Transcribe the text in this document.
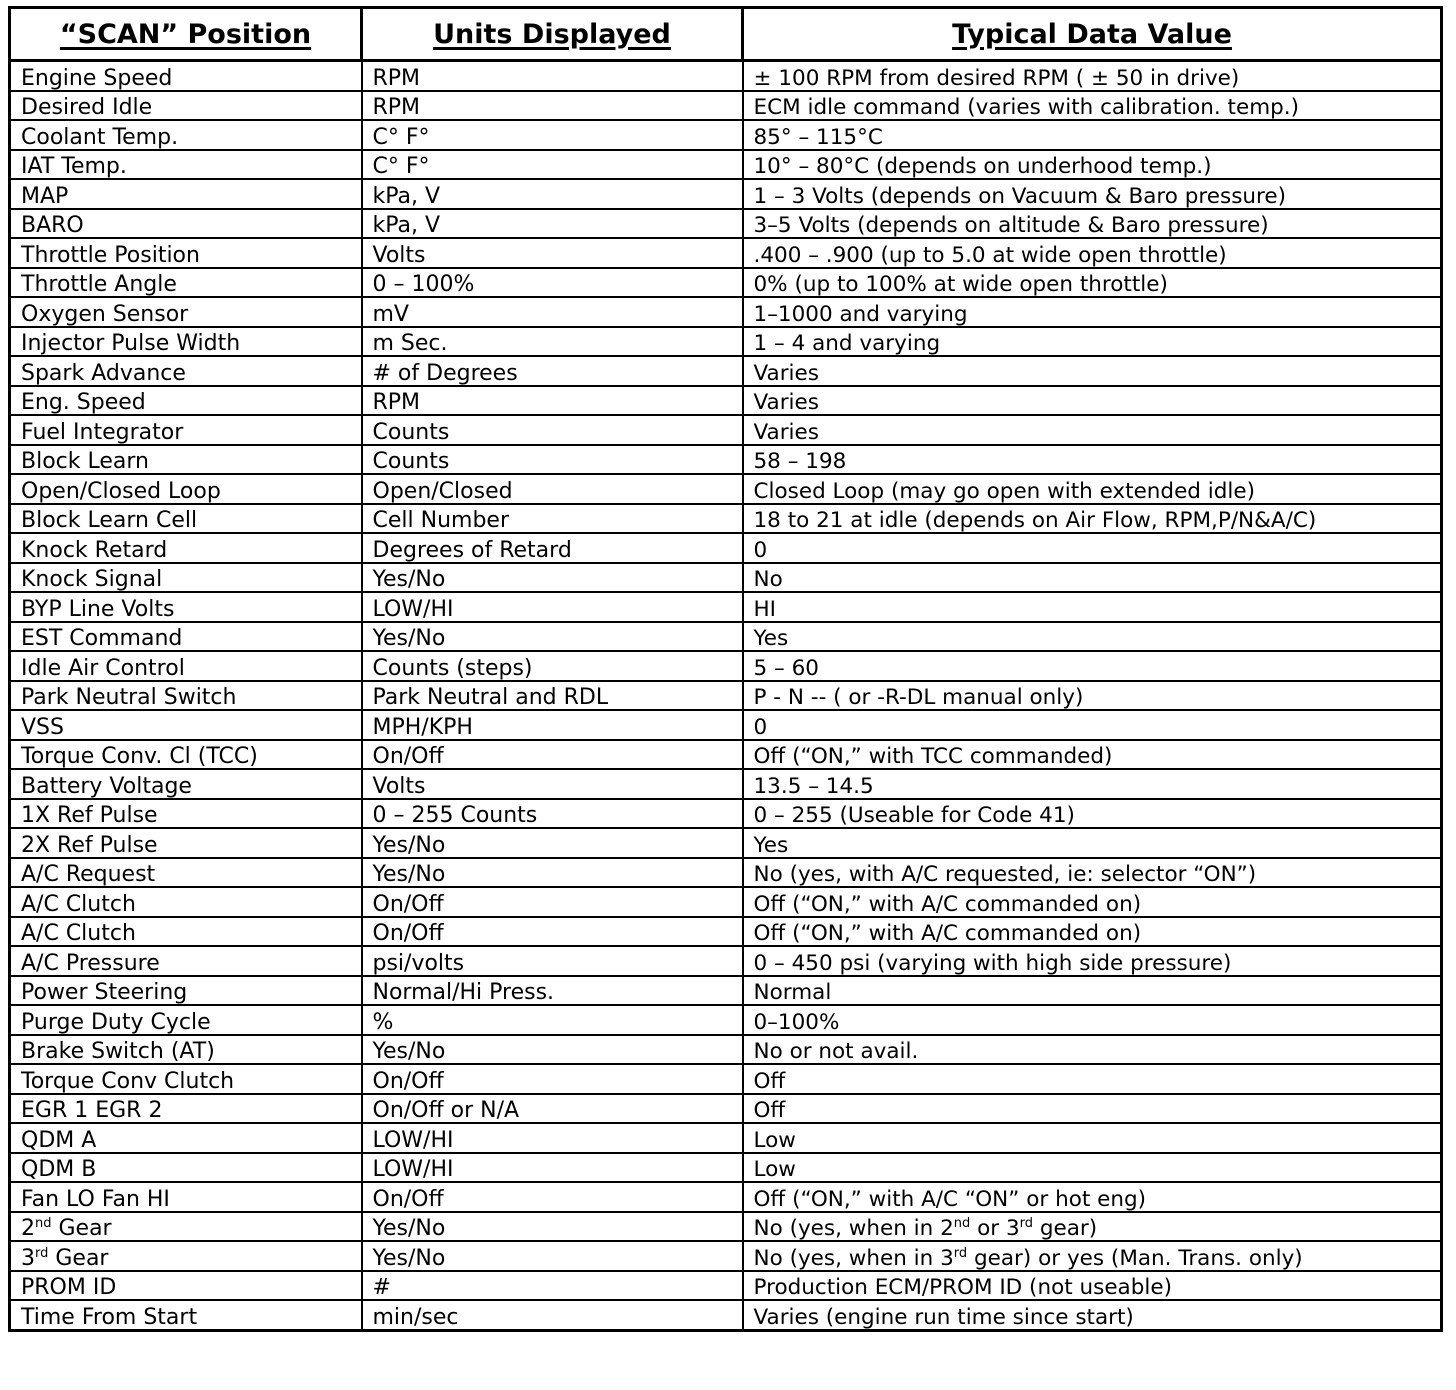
“SCAN” Position	Units Displayed	Typical Data Value
Engine Speed	RPM	± 100 RPM from desired RPM ( ± 50 in drive)
Desired Idle	RPM	ECM idle command (varies with calibration. temp.)
Coolant Temp.	C° F°	85° – 115°C
IAT Temp.	C° F°	10° – 80°C (depends on underhood temp.)
MAP	kPa, V	1 – 3 Volts (depends on Vacuum & Baro pressure)
BARO	kPa, V	3–5 Volts (depends on altitude & Baro pressure)
Throttle Position	Volts	.400 – .900 (up to 5.0 at wide open throttle)
Throttle Angle	0 – 100%	0% (up to 100% at wide open throttle)
Oxygen Sensor	mV	1–1000 and varying
Injector Pulse Width	m Sec.	1 – 4 and varying
Spark Advance	# of Degrees	Varies
Eng. Speed	RPM	Varies
Fuel Integrator	Counts	Varies
Block Learn	Counts	58 – 198
Open/Closed Loop	Open/Closed	Closed Loop (may go open with extended idle)
Block Learn Cell	Cell Number	18 to 21 at idle (depends on Air Flow, RPM,P/N&A/C)
Knock Retard	Degrees of Retard	0
Knock Signal	Yes/No	No
BYP Line Volts	LOW/HI	HI
EST Command	Yes/No	Yes
Idle Air Control	Counts (steps)	5 – 60
Park Neutral Switch	Park Neutral and RDL	P - N -- ( or -R-DL manual only)
VSS	MPH/KPH	0
Torque Conv. Cl (TCC)	On/Off	Off (“ON,” with TCC commanded)
Battery Voltage	Volts	13.5 – 14.5
1X Ref Pulse	0 – 255 Counts	0 – 255 (Useable for Code 41)
2X Ref Pulse	Yes/No	Yes
A/C Request	Yes/No	No (yes, with A/C requested, ie: selector “ON”)
A/C Clutch	On/Off	Off (“ON,” with A/C commanded on)
A/C Clutch	On/Off	Off (“ON,” with A/C commanded on)
A/C Pressure	psi/volts	0 – 450 psi (varying with high side pressure)
Power Steering	Normal/Hi Press.	Normal
Purge Duty Cycle	%	0–100%
Brake Switch (AT)	Yes/No	No or not avail.
Torque Conv Clutch	On/Off	Off
EGR 1 EGR 2	On/Off or N/A	Off
QDM A	LOW/HI	Low
QDM B	LOW/HI	Low
Fan LO Fan HI	On/Off	Off (“ON,” with A/C “ON” or hot eng)
2nd Gear	Yes/No	No (yes, when in 2nd or 3rd gear)
3rd Gear	Yes/No	No (yes, when in 3rd gear) or yes (Man. Trans. only)
PROM ID	#	Production ECM/PROM ID (not useable)
Time From Start	min/sec	Varies (engine run time since start)
